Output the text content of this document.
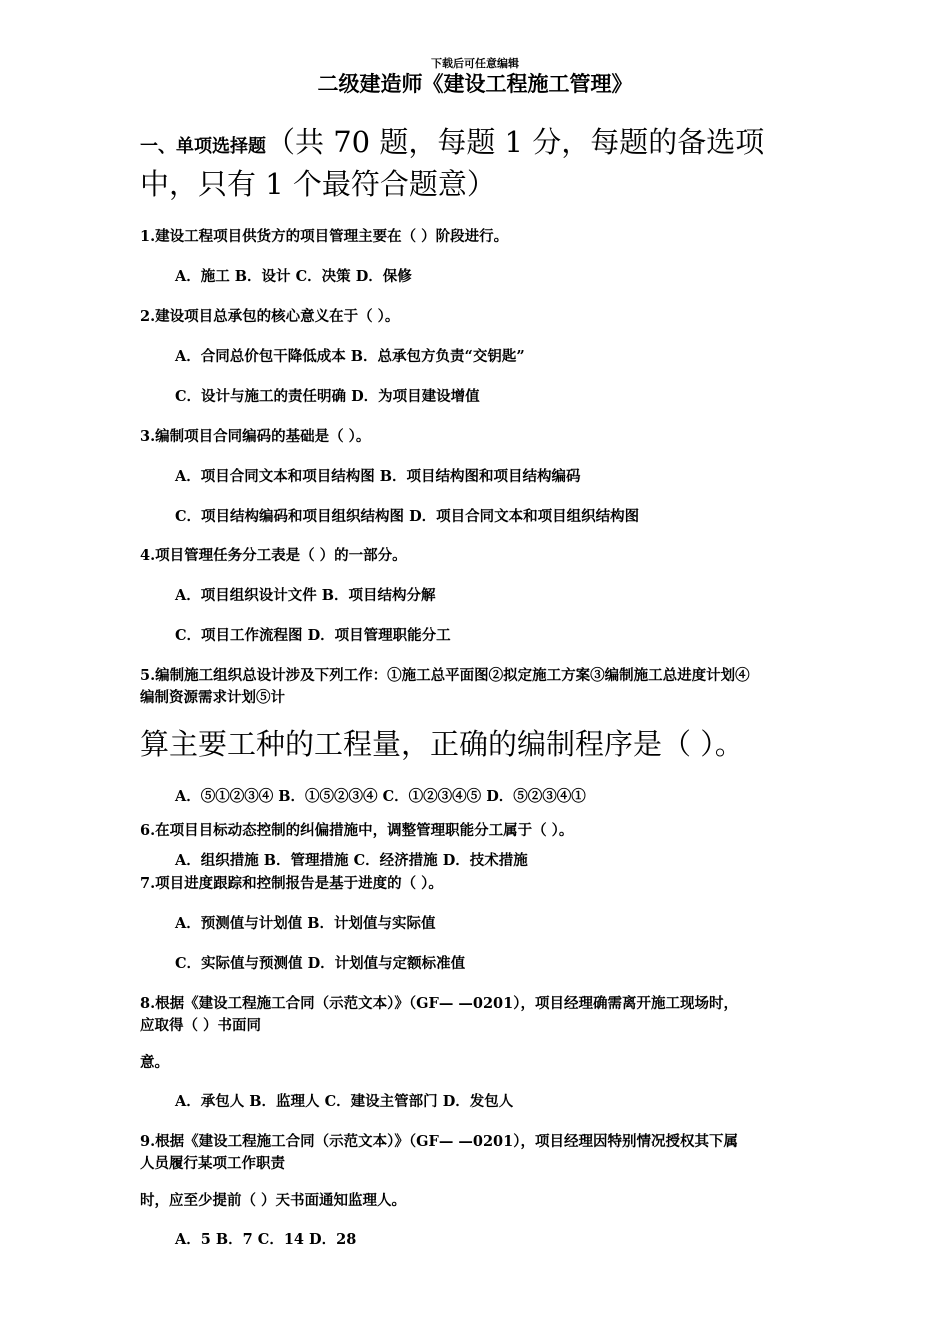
下载后可任意编辑
二级建造师《建设工程施工管理》
一、单项选择题（共 70 题，每题 1 分，每题的备选项
中，只有 1 个最符合题意）
1.建设工程项目供货方的项目管理主要在（ ）阶段进行。
A．施工 B．设计 C．决策 D．保修
2.建设项目总承包的核心意义在于（ ）。
A．合同总价包干降低成本 B．总承包方负责“交钥匙”
C．设计与施工的责任明确 D．为项目建设增值
3.编制项目合同编码的基础是（ ）。
A．项目合同文本和项目结构图 B．项目结构图和项目结构编码
C．项目结构编码和项目组织结构图 D．项目合同文本和项目组织结构图
4.项目管理任务分工表是（ ）的一部分。
A．项目组织设计文件 B．项目结构分解
C．项目工作流程图 D．项目管理职能分工
5.编制施工组织总设计涉及下列工作：①施工总平面图②拟定施工方案③编制施工总进度计划④
编制资源需求计划⑤计
算主要工种的工程量，正确的编制程序是（ ）。
A．⑤①②③④ B．①⑤②③④ C．①②③④⑤ D．⑤②③④①
6.在项目目标动态控制的纠偏措施中，调整管理职能分工属于（ ）。
A．组织措施 B．管理措施 C．经济措施 D．技术措施
7.项目进度跟踪和控制报告是基于进度的（ ）。
A．预测值与计划值 B．计划值与实际值
C．实际值与预测值 D．计划值与定额标准值
8.根据《建设工程施工合同（示范文本）》（GF— —0201），项目经理确需离开施工现场时，
应取得（ ）书面同
意。
A．承包人 B．监理人 C．建设主管部门 D．发包人
9.根据《建设工程施工合同（示范文本）》（GF— —0201），项目经理因特别情况授权其下属
人员履行某项工作职责
时，应至少提前（ ）天书面通知监理人。
A．5 B．7 C．14 D．28
